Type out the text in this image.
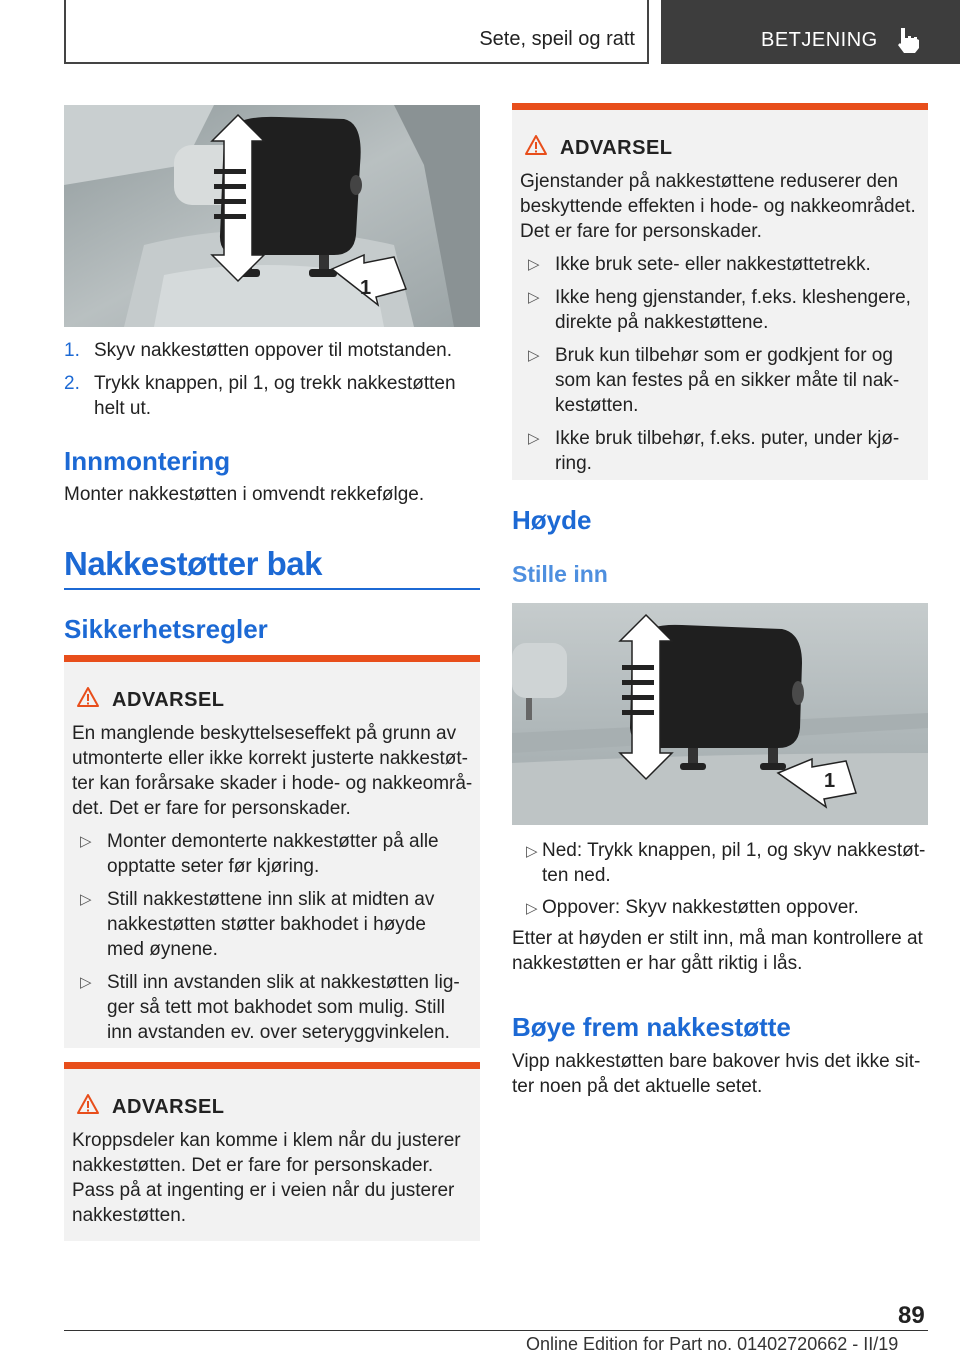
Sete, speil og ratt	BETJENING
1
1. Skyv nakkestøtten oppover til motstanden.
2. Trykk knappen, pil 1, og trekk nakkestøtten
helt ut.
Innmontering
Monter nakkestøtten i omvendt rekkefølge.
Nakkestøtter bak
Sikkerhetsregler
ADVARSEL
En manglende beskyttelseseffekt på grunn av
utmonterte eller ikke korrekt justerte nakkestøt‐
ter kan forårsake skader i hode- og nakkeområ‐
det. Det er fare for personskader.
▷ Monter demonterte nakkestøtter på alle
opptatte seter før kjøring.
▷ Still nakkestøttene inn slik at midten av
nakkestøtten støtter bakhodet i høyde
med øynene.
▷ Still inn avstanden slik at nakkestøtten lig‐
ger så tett mot bakhodet som mulig. Still
inn avstanden ev. over seteryggvinkelen.
ADVARSEL
Kroppsdeler kan komme i klem når du justerer
nakkestøtten. Det er fare for personskader.
Pass på at ingenting er i veien når du justerer
nakkestøtten.
ADVARSEL
Gjenstander på nakkestøttene reduserer den
beskyttende effekten i hode- og nakkeområdet.
Det er fare for personskader.
▷ Ikke bruk sete- eller nakkestøttetrekk.
▷ Ikke heng gjenstander, f.eks. kleshengere,
direkte på nakkestøttene.
▷ Bruk kun tilbehør som er godkjent for og
som kan festes på en sikker måte til nak‐
kestøtten.
▷ Ikke bruk tilbehør, f.eks. puter, under kjø‐
ring.
Høyde
Stille inn
1
▷ Ned: Trykk knappen, pil 1, og skyv nakkestøt‐
ten ned.
▷ Oppover: Skyv nakkestøtten oppover.
Etter at høyden er stilt inn, må man kontrollere at
nakkestøtten er har gått riktig i lås.
Bøye frem nakkestøtte
Vipp nakkestøtten bare bakover hvis det ikke sit‐
ter noen på det aktuelle setet.
89
Online Edition for Part no. 01402720662 - II/19
